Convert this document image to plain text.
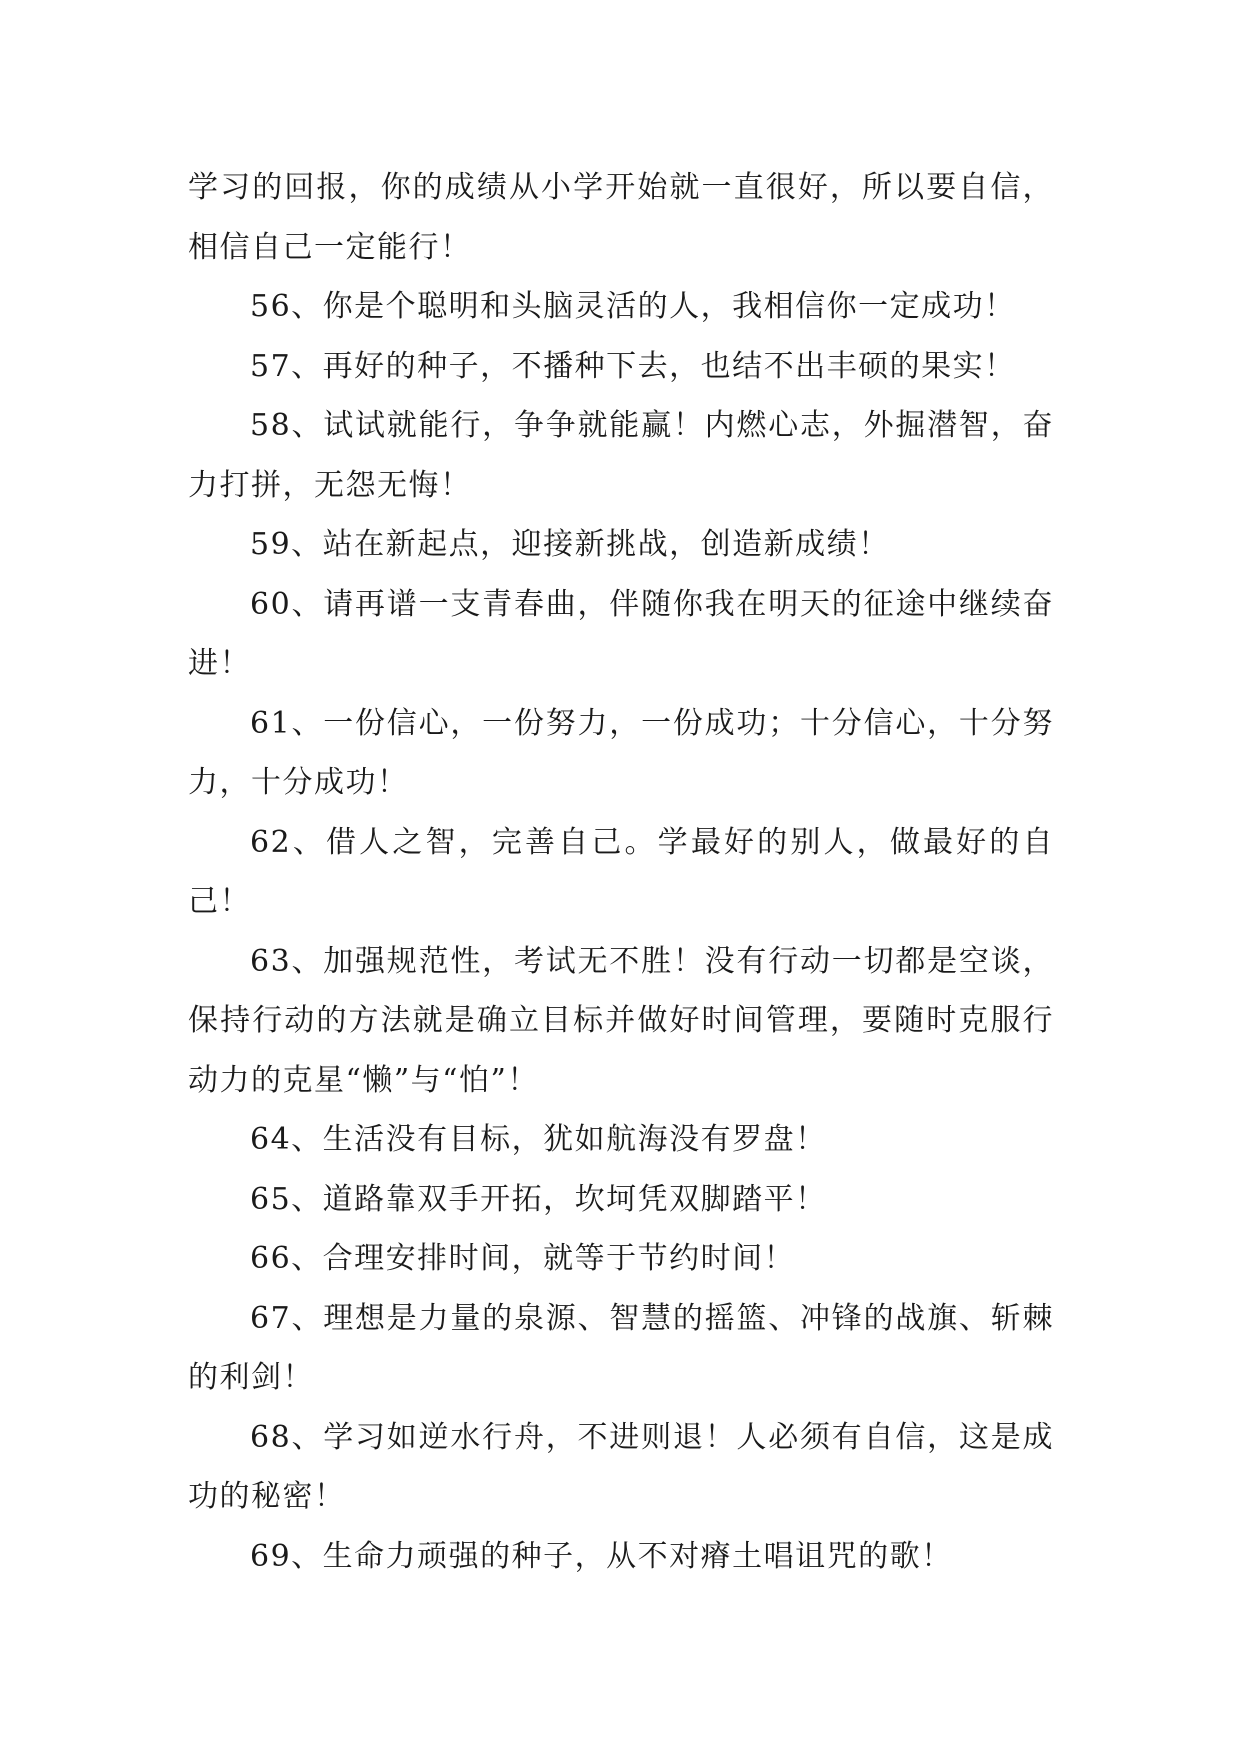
学习的回报，你的成绩从小学开始就一直很好，所以要自信，相信自己一定能行！

56、你是个聪明和头脑灵活的人，我相信你一定成功！

57、再好的种子，不播种下去，也结不出丰硕的果实！

58、试试就能行，争争就能赢！内燃心志，外掘潜智，奋力打拼，无怨无悔！

59、站在新起点，迎接新挑战，创造新成绩！

60、请再谱一支青春曲，伴随你我在明天的征途中继续奋进！

61、一份信心，一份努力，一份成功；十分信心，十分努力，十分成功！

62、借人之智，完善自己。学最好的别人，做最好的自己！

63、加强规范性，考试无不胜！没有行动一切都是空谈，保持行动的方法就是确立目标并做好时间管理，要随时克服行动力的克星“懒”与“怕”！

64、生活没有目标，犹如航海没有罗盘！

65、道路靠双手开拓，坎坷凭双脚踏平！

66、合理安排时间，就等于节约时间！

67、理想是力量的泉源、智慧的摇篮、冲锋的战旗、斩棘的利剑！

68、学习如逆水行舟，不进则退！人必须有自信，这是成功的秘密！

69、生命力顽强的种子，从不对瘠土唱诅咒的歌！
